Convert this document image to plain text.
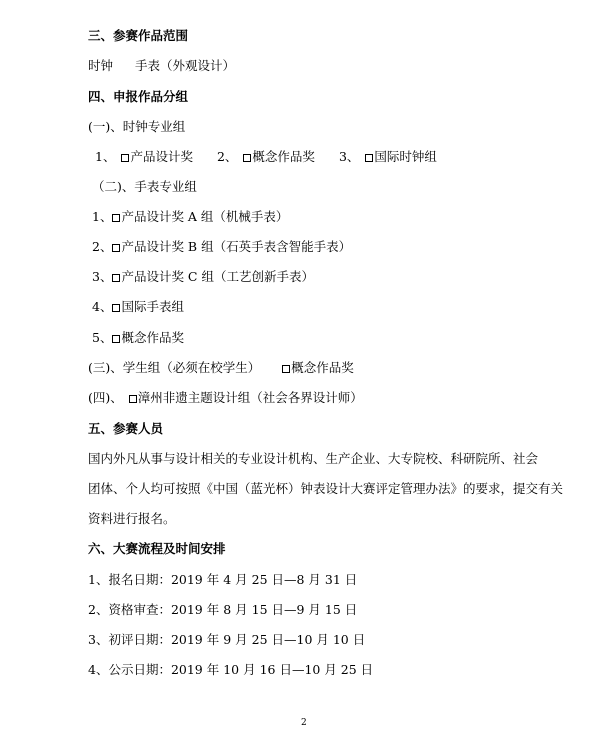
三、参赛作品范围
时钟 手表（外观设计）
四、申报作品分组
(一)、时钟专业组
1、 产品设计奖 2、 概念作品奖 3、 国际时钟组
（二)、手表专业组
1、 产品设计奖 A 组（机械手表）
2、 产品设计奖 B 组（石英手表含智能手表）
3、 产品设计奖 C 组（工艺创新手表）
4、 国际手表组
5、 概念作品奖
(三)、学生组（必须在校学生） 概念作品奖
(四)、 漳州非遗主题设计组（社会各界设计师）
五、参赛人员
国内外凡从事与设计相关的专业设计机构、生产企业、大专院校、科研院所、社会
团体、个人均可按照《中国（蓝光杯）钟表设计大赛评定管理办法》的要求，提交有关
资料进行报名。
六、大赛流程及时间安排
1、报名日期：2019 年 4 月 25 日—8 月 31 日
2、资格审查：2019 年 8 月 15 日—9 月 15 日
3、初评日期：2019 年 9 月 25 日—10 月 10 日
4、公示日期：2019 年 10 月 16 日—10 月 25 日
2
